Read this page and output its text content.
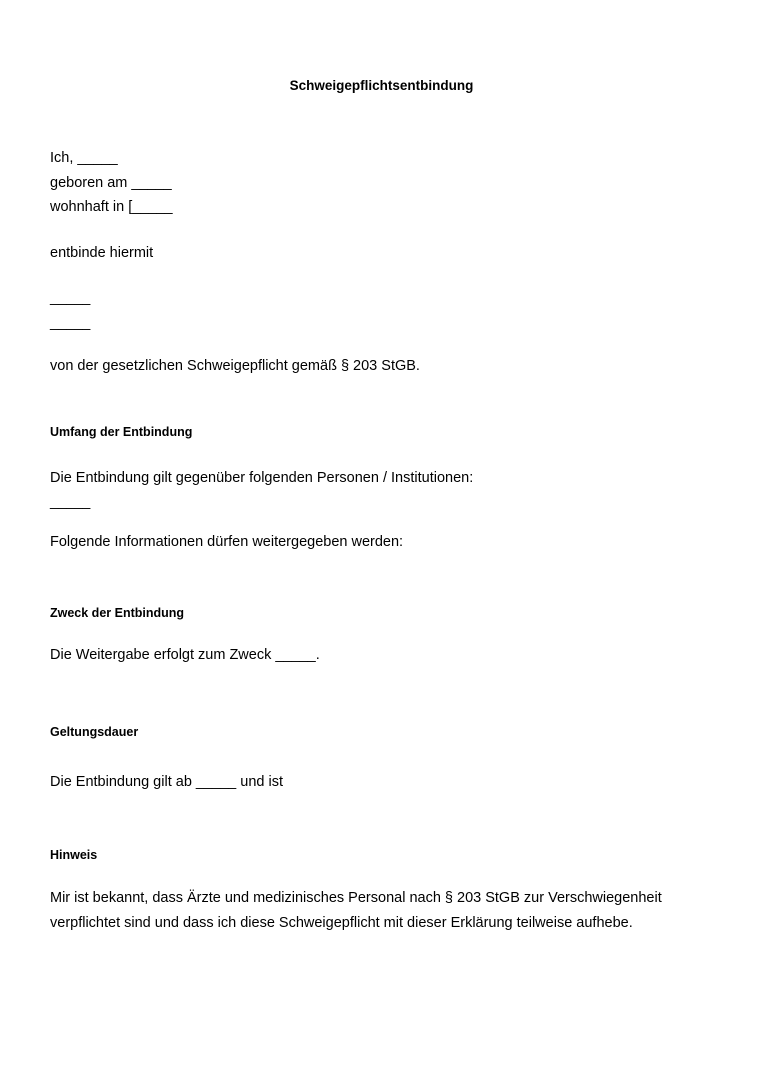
Schweigepflichtsentbindung
Ich, _____
geboren am _____
wohnhaft in [_____
entbinde hiermit
_____
_____
von der gesetzlichen Schweigepflicht gemäß § 203 StGB.
Umfang der Entbindung
Die Entbindung gilt gegenüber folgenden Personen / Institutionen:
_____
Folgende Informationen dürfen weitergegeben werden:
Zweck der Entbindung
Die Weitergabe erfolgt zum Zweck _____.
Geltungsdauer
Die Entbindung gilt ab _____ und ist
Hinweis
Mir ist bekannt, dass Ärzte und medizinisches Personal nach § 203 StGB zur Verschwiegenheit verpflichtet sind und dass ich diese Schweigepflicht mit dieser Erklärung teilweise aufhebe.
